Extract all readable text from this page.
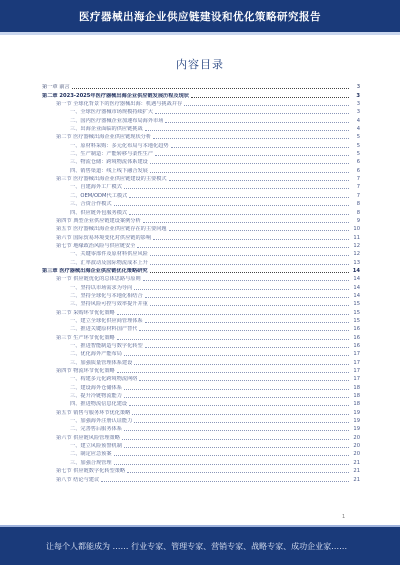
医疗器械出海企业供应链建设和优化策略研究报告
内容目录
第一章 前言	3
第二章 2023-2025年医疗器械出海企业供应链发展历程及现状	3
第一节 全球化背景下的医疗器械出海：机遇与挑战并存	3
一、全球医疗器械市场规模持续扩大	3
二、国内医疗器械企业加速布局海外市场	4
三、出海企业面临的供应链挑战	4
第二节 医疗器械出海企业供应链现状分析	5
一、原材料采购：多元化布局与本地化趋势	5
二、生产制造：产能转移与柔性生产	5
三、物流仓储：跨境物流体系建设	6
四、销售渠道：线上线下融合发展	6
第三节 医疗器械出海企业供应链建设的主要模式	7
一、自建海外工厂模式	7
二、OEM/ODM代工模式	7
三、合资合作模式	8
四、供应链外包服务模式	8
第四节 典型企业供应链建设案例分析	9
第五节 医疗器械出海企业供应链存在的主要问题	10
第六节 国际贸易环境变化对供应链的影响	11
第七节 地缘政治风险与供应链安全	12
一、关键零部件及原材料供应风险	12
二、汇率波动及国际物流成本上升	13
第三章 医疗器械出海企业供应链优化策略研究	14
第一节 供应链优化的总体思路与原则	14
一、坚持以市场需求为导向	14
二、坚持全球化与本地化相结合	14
三、坚持风险可控与效率提升并重	15
第二节 采购环节优化策略	15
一、建立全球化供应商管理体系	15
二、推进关键原材料国产替代	16
第三节 生产环节优化策略	16
一、推进智能制造与数字化转型	16
二、优化海外产能布局	17
三、加强质量管理体系建设	17
第四节 物流环节优化策略	17
一、构建多元化跨境物流网络	17
二、建设海外仓储体系	18
三、提升冷链物流能力	18
四、推进物流信息化建设	18
第五节 销售与服务环节优化策略	19
一、加强海外注册认证能力	19
二、完善售后服务体系	19
第六节 供应链风险管理策略	20
一、建立风险预警机制	20
二、制定应急预案	20
三、加强合规管理	21
第七节 供应链数字化转型策略	21
第八节 结论与建议	21
1
让每个人都能成为 …… 行业专家、管理专家、营销专家、战略专家、成功企业家……
